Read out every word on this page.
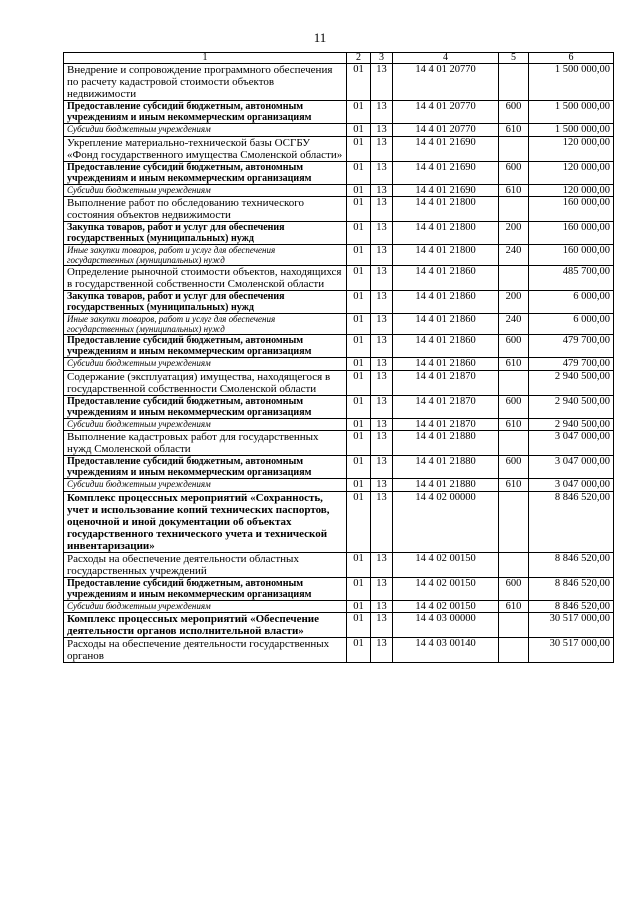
11
1	2	3	4	5	6
Внедрение и сопровождение программного обеспечения по расчету кадастровой стоимости объектов недвижимости	01	13	14 4 01 20770		1 500 000,00
Предоставление субсидий бюджетным, автономным учреждениям и иным некоммерческим организациям	01	13	14 4 01 20770	600	1 500 000,00
Субсидии бюджетным учреждениям	01	13	14 4 01 20770	610	1 500 000,00
Укрепление материально-технической базы ОСГБУ «Фонд государственного имущества Смоленской области»	01	13	14 4 01 21690		120 000,00
Предоставление субсидий бюджетным, автономным учреждениям и иным некоммерческим организациям	01	13	14 4 01 21690	600	120 000,00
Субсидии бюджетным учреждениям	01	13	14 4 01 21690	610	120 000,00
Выполнение работ по обследованию технического состояния объектов недвижимости	01	13	14 4 01 21800		160 000,00
Закупка товаров, работ и услуг для обеспечения государственных (муниципальных) нужд	01	13	14 4 01 21800	200	160 000,00
Иные закупки товаров, работ и услуг для обеспечения государственных (муниципальных) нужд	01	13	14 4 01 21800	240	160 000,00
Определение рыночной стоимости объектов, находящихся в государственной собственности Смоленской области	01	13	14 4 01 21860		485 700,00
Закупка товаров, работ и услуг для обеспечения государственных (муниципальных) нужд	01	13	14 4 01 21860	200	6 000,00
Иные закупки товаров, работ и услуг для обеспечения государственных (муниципальных) нужд	01	13	14 4 01 21860	240	6 000,00
Предоставление субсидий бюджетным, автономным учреждениям и иным некоммерческим организациям	01	13	14 4 01 21860	600	479 700,00
Субсидии бюджетным учреждениям	01	13	14 4 01 21860	610	479 700,00
Содержание (эксплуатация) имущества, находящегося в государственной собственности Смоленской области	01	13	14 4 01 21870		2 940 500,00
Предоставление субсидий бюджетным, автономным учреждениям и иным некоммерческим организациям	01	13	14 4 01 21870	600	2 940 500,00
Субсидии бюджетным учреждениям	01	13	14 4 01 21870	610	2 940 500,00
Выполнение кадастровых работ для государственных нужд Смоленской области	01	13	14 4 01 21880		3 047 000,00
Предоставление субсидий бюджетным, автономным учреждениям и иным некоммерческим организациям	01	13	14 4 01 21880	600	3 047 000,00
Субсидии бюджетным учреждениям	01	13	14 4 01 21880	610	3 047 000,00
Комплекс процессных мероприятий «Сохранность, учет и использование копий технических паспортов, оценочной и иной документации об объектах государственного технического учета и технической инвентаризации»	01	13	14 4 02 00000		8 846 520,00
Расходы на обеспечение деятельности областных государственных учреждений	01	13	14 4 02 00150		8 846 520,00
Предоставление субсидий бюджетным, автономным учреждениям и иным некоммерческим организациям	01	13	14 4 02 00150	600	8 846 520,00
Субсидии бюджетным учреждениям	01	13	14 4 02 00150	610	8 846 520,00
Комплекс процессных мероприятий «Обеспечение деятельности органов исполнительной власти»	01	13	14 4 03 00000		30 517 000,00
Расходы на обеспечение деятельности государственных органов	01	13	14 4 03 00140		30 517 000,00
